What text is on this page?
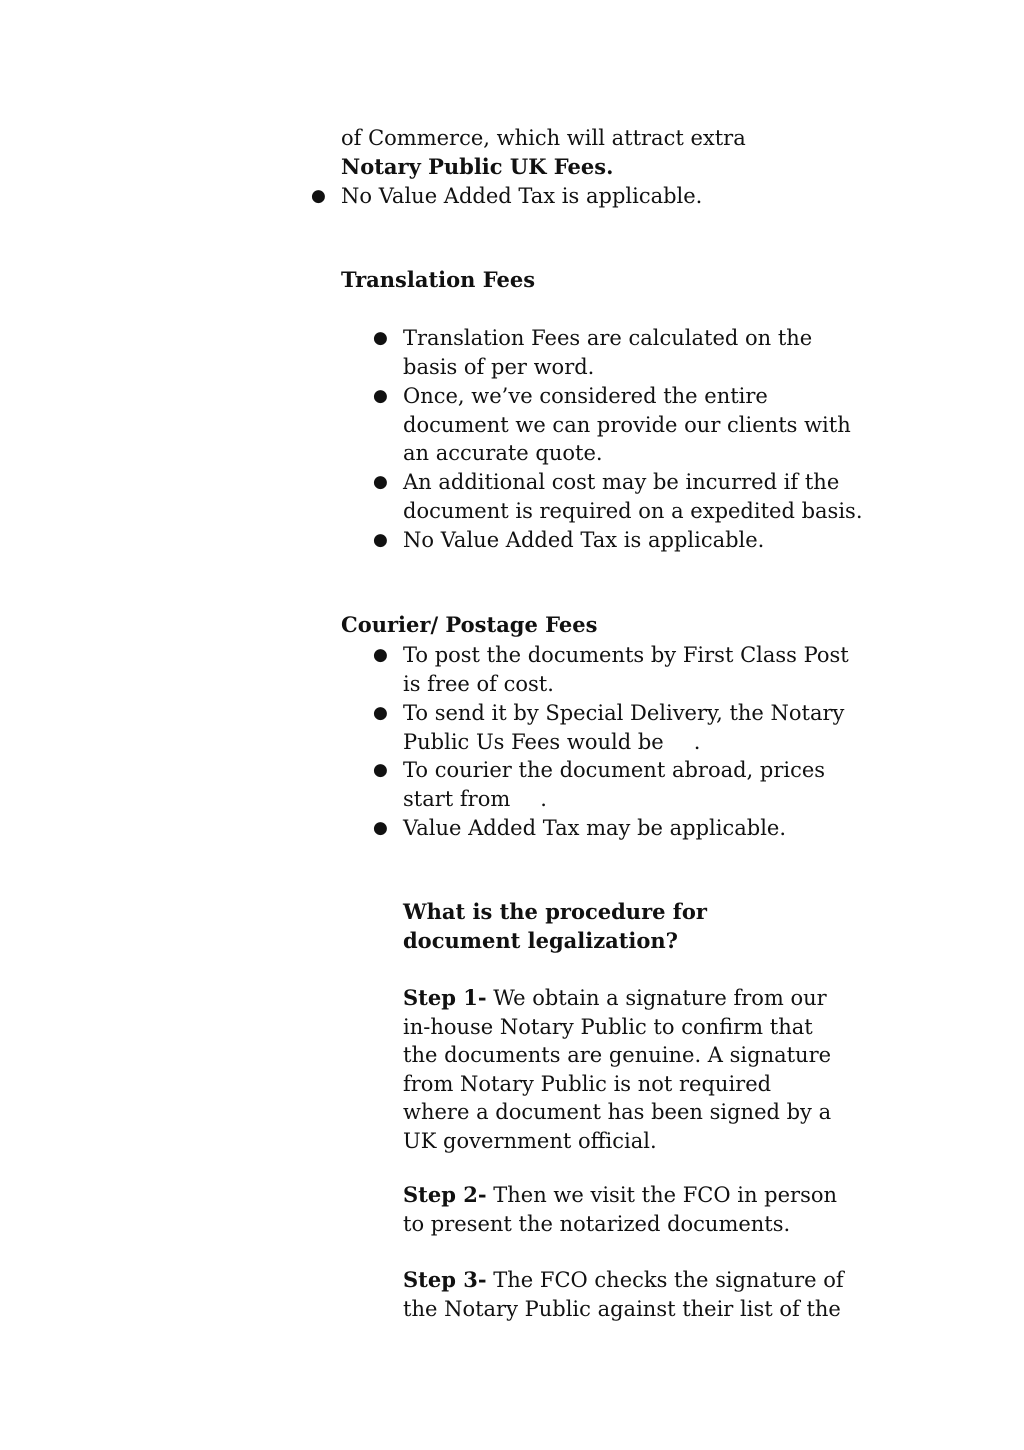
of Commerce, which will attract extra Notary Public UK Fees.

● No Value Added Tax is applicable.
Translation Fees
● Translation Fees are calculated on the basis of per word.
● Once, we’ve considered the entire document we can provide our clients with an accurate quote.
● An additional cost may be incurred if the document is required on a expedited basis.
● No Value Added Tax is applicable.
Courier/ Postage Fees
● To post the documents by First Class Post is free of cost.
● To send it by Special Delivery, the Notary Public Us Fees would be .
● To courier the document abroad, prices start from .
● Value Added Tax may be applicable.
What is the procedure for document legalization?

Step 1- We obtain a signature from our in-house Notary Public to confirm that the documents are genuine. A signature from Notary Public is not required where a document has been signed by a UK government official.

Step 2- Then we visit the FCO in person to present the notarized documents.

Step 3- The FCO checks the signature of the Notary Public against their list of the
